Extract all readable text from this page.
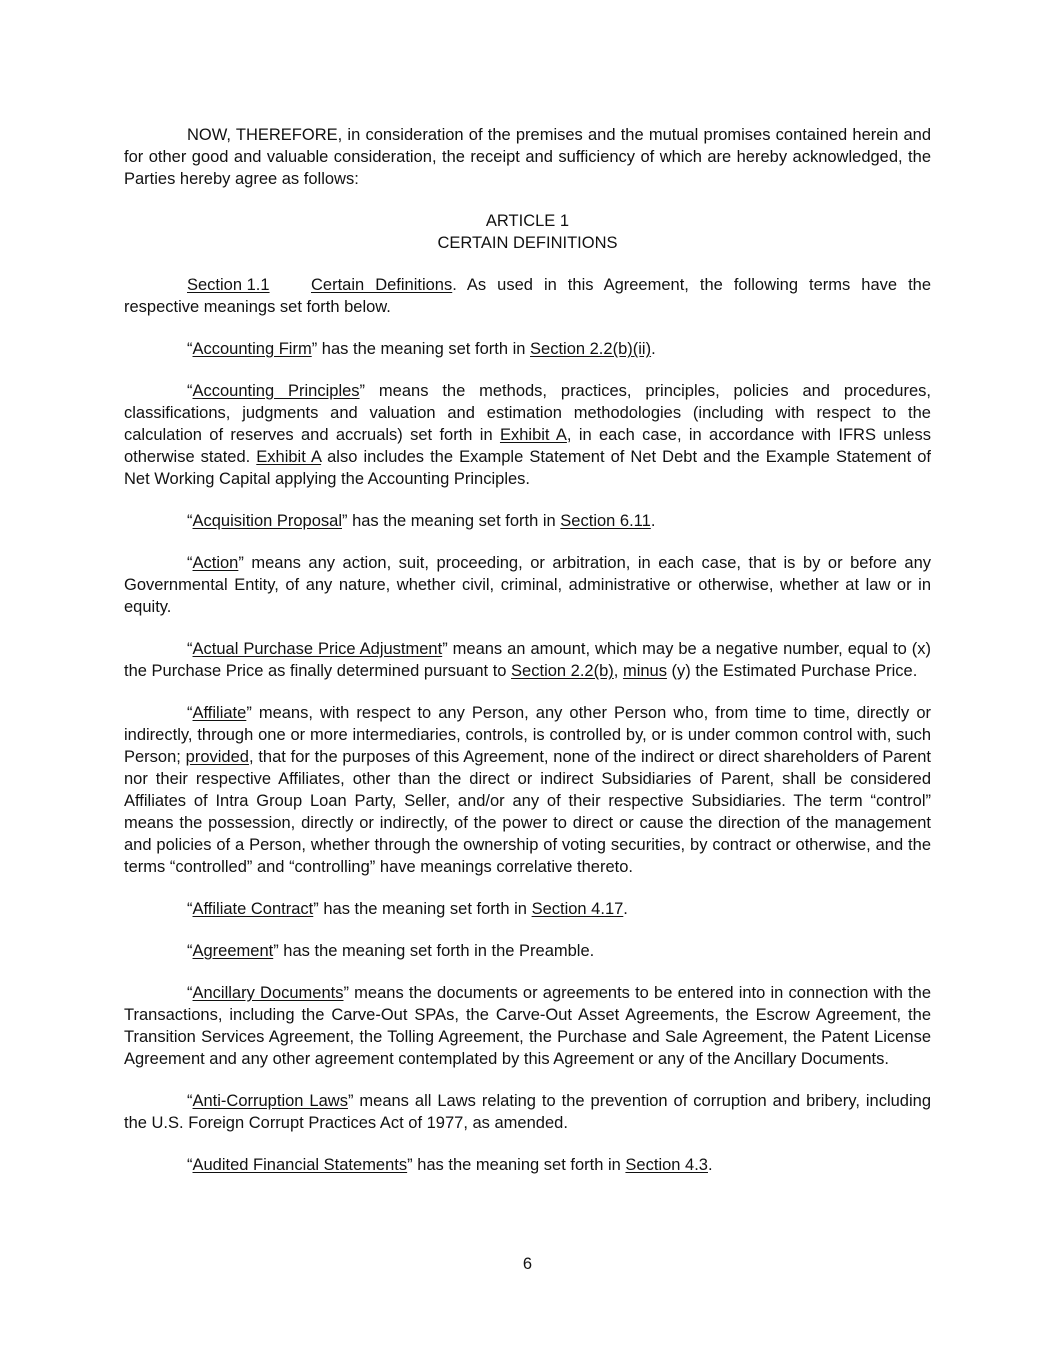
NOW, THEREFORE, in consideration of the premises and the mutual promises contained herein and for other good and valuable consideration, the receipt and sufficiency of which are hereby acknowledged, the Parties hereby agree as follows:

ARTICLE 1
CERTAIN DEFINITIONS

Section 1.1	Certain Definitions. As used in this Agreement, the following terms have the respective meanings set forth below.

“Accounting Firm” has the meaning set forth in Section 2.2(b)(ii).

“Accounting Principles” means the methods, practices, principles, policies and procedures, classifications, judgments and valuation and estimation methodologies (including with respect to the calculation of reserves and accruals) set forth in Exhibit A, in each case, in accordance with IFRS unless otherwise stated. Exhibit A also includes the Example Statement of Net Debt and the Example Statement of Net Working Capital applying the Accounting Principles.

“Acquisition Proposal” has the meaning set forth in Section 6.11.

“Action” means any action, suit, proceeding, or arbitration, in each case, that is by or before any Governmental Entity, of any nature, whether civil, criminal, administrative or otherwise, whether at law or in equity.

“Actual Purchase Price Adjustment” means an amount, which may be a negative number, equal to (x) the Purchase Price as finally determined pursuant to Section 2.2(b), minus (y) the Estimated Purchase Price.

“Affiliate” means, with respect to any Person, any other Person who, from time to time, directly or indirectly, through one or more intermediaries, controls, is controlled by, or is under common control with, such Person; provided, that for the purposes of this Agreement, none of the indirect or direct shareholders of Parent nor their respective Affiliates, other than the direct or indirect Subsidiaries of Parent, shall be considered Affiliates of Intra Group Loan Party, Seller, and/or any of their respective Subsidiaries. The term “control” means the possession, directly or indirectly, of the power to direct or cause the direction of the management and policies of a Person, whether through the ownership of voting securities, by contract or otherwise, and the terms “controlled” and “controlling” have meanings correlative thereto.

“Affiliate Contract” has the meaning set forth in Section 4.17.

“Agreement” has the meaning set forth in the Preamble.

“Ancillary Documents” means the documents or agreements to be entered into in connection with the Transactions, including the Carve-Out SPAs, the Carve-Out Asset Agreements, the Escrow Agreement, the Transition Services Agreement, the Tolling Agreement, the Purchase and Sale Agreement, the Patent License Agreement and any other agreement contemplated by this Agreement or any of the Ancillary Documents.

“Anti-Corruption Laws” means all Laws relating to the prevention of corruption and bribery, including the U.S. Foreign Corrupt Practices Act of 1977, as amended.

“Audited Financial Statements” has the meaning set forth in Section 4.3.

6
